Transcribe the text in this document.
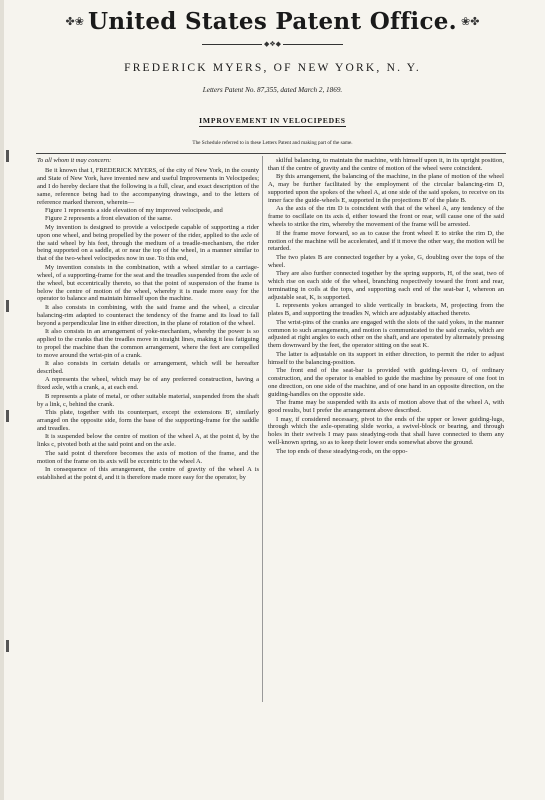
✤❀ United States Patent Office. ❀✤
◆❖◆
FREDERICK MYERS, OF NEW YORK, N. Y.
Letters Patent No. 87,355, dated March 2, 1869.
IMPROVEMENT IN VELOCIPEDES
The Schedule referred to in these Letters Patent and making part of the same.

To all whom it may concern:

Be it known that I, FREDERICK MYERS, of the city of New York, in the county and State of New York, have invented new and useful Improvements in Velocipedes; and I do hereby declare that the following is a full, clear, and exact description of the same, reference being had to the accompanying drawings, and to the letters of reference marked thereon, wherein—

Figure 1 represents a side elevation of my improved velocipede, and

Figure 2 represents a front elevation of the same.

My invention is designed to provide a velocipede capable of supporting a rider upon one wheel, and being propelled by the power of the rider, applied to the axle of the said wheel by his feet, through the medium of a treadle-mechanism, the rider being supported on a saddle, at or near the top of the wheel, in a manner similar to that of the two-wheel velocipedes now in use. To this end,

My invention consists in the combination, with a wheel similar to a carriage-wheel, of a supporting-frame for the seat and the treadles suspended from the axle of the wheel, but eccentrically thereto, so that the point of suspension of the frame is below the centre of motion of the wheel, whereby it is made more easy for the operator to balance and maintain himself upon the machine.

It also consists in combining, with the said frame and the wheel, a circular balancing-rim adapted to counteract the tendency of the frame and its load to fall beyond a perpendicular line in either direction, in the plane of rotation of the wheel.

It also consists in an arrangement of yoke-mechanism, whereby the power is so applied to the cranks that the treadles move in straight lines, making it less fatiguing to propel the machine than the common arrangement, where the feet are compelled to move around the wrist-pin of a crank.

It also consists in certain details or arrangement, which will be hereafter described.

A represents the wheel, which may be of any preferred construction, having a fixed axle, with a crank, a, at each end.

B represents a plate of metal, or other suitable material, suspended from the shaft by a link, c, behind the crank.

This plate, together with its counterpart, except the extensions B', similarly arranged on the opposite side, form the base of the supporting-frame for the saddle and treadles.

It is suspended below the centre of motion of the wheel A, at the point d, by the links c, pivoted both at the said point and on the axle.

The said point d therefore becomes the axis of motion of the frame, and the motion of the frame on its axis will be eccentric to the wheel A.

In consequence of this arrangement, the centre of gravity of the wheel A is established at the point d, and it is therefore made more easy for the operator, by

skilful balancing, to maintain the machine, with himself upon it, in its upright position, than if the centre of gravity and the centre of motion of the wheel were coincident.

By this arrangement, the balancing of the machine, in the plane of motion of the wheel A, may be further facilitated by the employment of the circular balancing-rim D, supported upon the spokes of the wheel A, at one side of the said spokes, to receive on its inner face the guide-wheels E, supported in the projections B' of the plate B.

As the axis of the rim D is coincident with that of the wheel A, any tendency of the frame to oscillate on its axis d, either toward the front or rear, will cause one of the said wheels to strike the rim, whereby the movement of the frame will be arrested.

If the frame move forward, so as to cause the front wheel E to strike the rim D, the motion of the machine will be accelerated, and if it move the other way, the motion will be retarded.

The two plates B are connected together by a yoke, G, doubling over the tops of the wheel.

They are also further connected together by the spring supports, H, of the seat, two of which rise on each side of the wheel, branching respectively toward the front and rear, terminating in coils at the tops, and supporting each end of the seat-bar I, whereon an adjustable seat, K, is supported.

L represents yokes arranged to slide vertically in brackets, M, projecting from the plates B, and supporting the treadles N, which are adjustably attached thereto.

The wrist-pins of the cranks are engaged with the slots of the said yokes, in the manner common to such arrangements, and motion is communicated to the said cranks, which are adjusted at right angles to each other on the shaft, and are operated by alternately pressing them downward by the feet, the operator sitting on the seat K.

The latter is adjustable on its support in either direction, to permit the rider to adjust himself to the balancing-position.

The front end of the seat-bar is provided with guiding-levers O, of ordinary construction, and the operator is enabled to guide the machine by pressure of one foot in one direction, on one side of the machine, and of one hand in an opposite direction, on the guiding-handles on the opposite side.

The frame may be suspended with its axis of motion above that of the wheel A, with good results, but I prefer the arrangement above described.

I may, if considered necessary, pivot to the ends of the upper or lower guiding-lugs, through which the axle-operating slide works, a swivel-block or bearing, and through holes in their swivels I may pass steadying-rods that shall have connected to them any well-known spring, so as to keep their lower ends somewhat above the ground.

The top ends of these steadying-rods, on the oppo-
